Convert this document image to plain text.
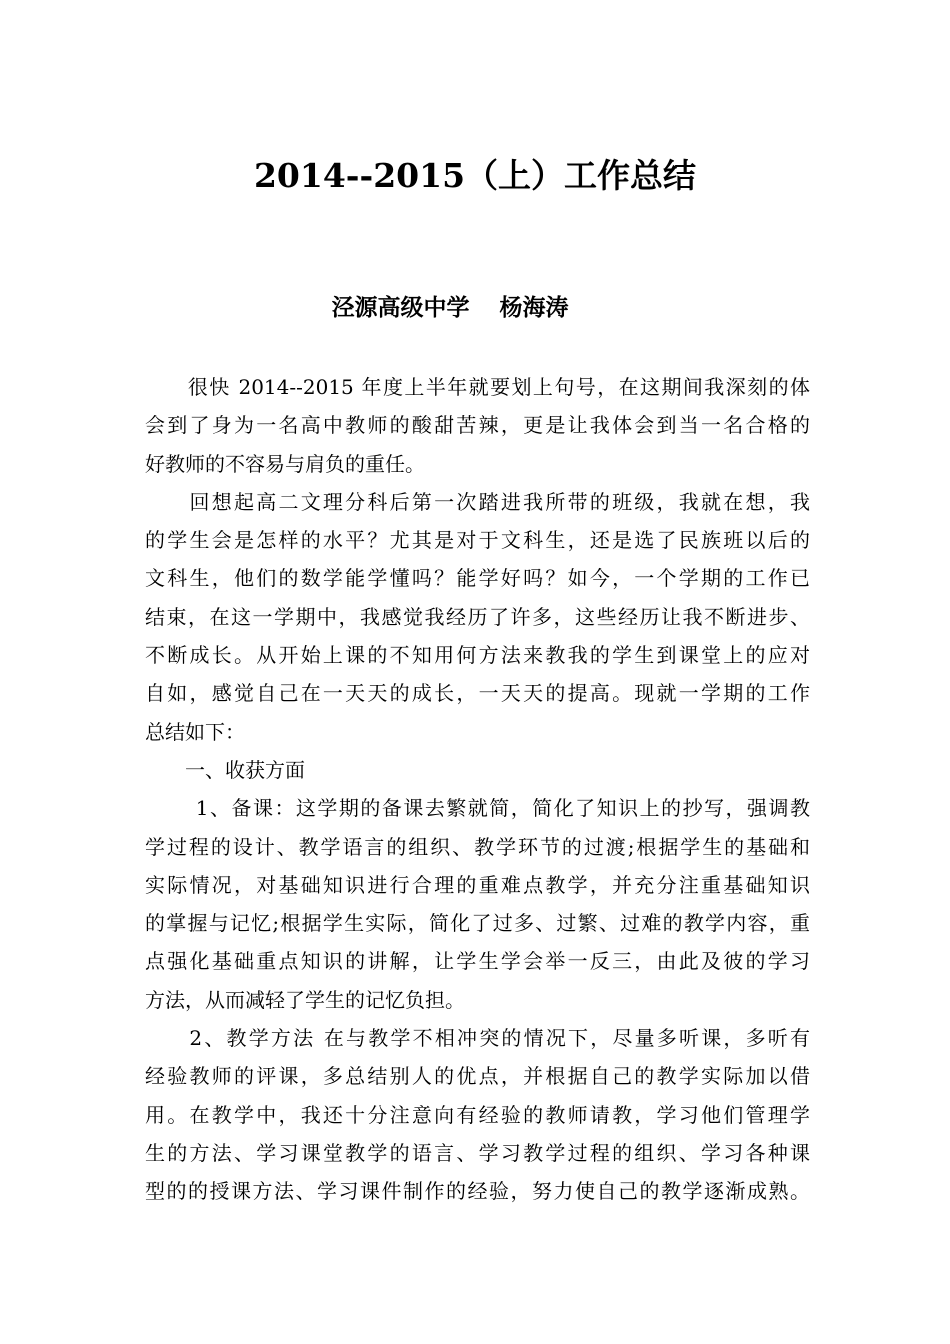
2014--2015（上）工作总结

泾源高级中学 杨海涛

　　很快 2014--2015 年度上半年就要划上句号，在这期间我深刻的体
会到了身为一名高中教师的酸甜苦辣，更是让我体会到当一名合格的
好教师的不容易与肩负的重任。
　　回想起高二文理分科后第一次踏进我所带的班级，我就在想，我
的学生会是怎样的水平？尤其是对于文科生，还是选了民族班以后的
文科生，他们的数学能学懂吗？能学好吗？如今，一个学期的工作已
结束，在这一学期中，我感觉我经历了许多，这些经历让我不断进步、
不断成长。从开始上课的不知用何方法来教我的学生到课堂上的应对
自如，感觉自己在一天天的成长，一天天的提高。现就一学期的工作
总结如下：
　　一、收获方面
　　 1、备课：这学期的备课去繁就简，简化了知识上的抄写，强调教
学过程的设计、教学语言的组织、教学环节的过渡;根据学生的基础和
实际情况，对基础知识进行合理的重难点教学，并充分注重基础知识
的掌握与记忆;根据学生实际，简化了过多、过繁、过难的教学内容，重
点强化基础重点知识的讲解，让学生学会举一反三，由此及彼的学习
方法，从而减轻了学生的记忆负担。
　　2、教学方法 在与教学不相冲突的情况下，尽量多听课，多听有
经验教师的评课，多总结别人的优点，并根据自己的教学实际加以借
用。在教学中，我还十分注意向有经验的教师请教，学习他们管理学
生的方法、学习课堂教学的语言、学习教学过程的组织、学习各种课
型的的授课方法、学习课件制作的经验，努力使自己的教学逐渐成熟。
